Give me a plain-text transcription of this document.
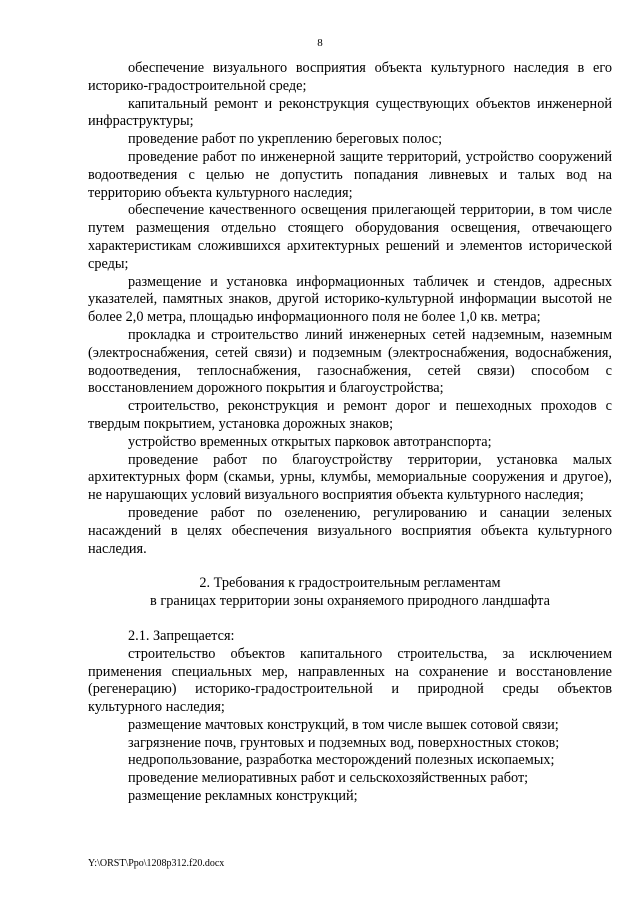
8

обеспечение визуального восприятия объекта культурного наследия в его историко-градостроительной среде;

капитальный ремонт и реконструкция существующих объектов инженерной инфраструктуры;

проведение работ по укреплению береговых полос;

проведение работ по инженерной защите территорий, устройство сооружений водоотведения с целью не допустить попадания ливневых и талых вод на территорию объекта культурного наследия;

обеспечение качественного освещения прилегающей территории, в том числе путем размещения отдельно стоящего оборудования освещения, отвечающего характеристикам сложившихся архитектурных решений и элементов исторической среды;

размещение и установка информационных табличек и стендов, адресных указателей, памятных знаков, другой историко-культурной информации высотой не более 2,0 метра, площадью информационного поля не более 1,0 кв. метра;

прокладка и строительство линий инженерных сетей надземным, наземным (электроснабжения, сетей связи) и подземным (электроснабжения, водоснабжения, водоотведения, теплоснабжения, газоснабжения, сетей связи) способом с восстановлением дорожного покрытия и благоустройства;

строительство, реконструкция и ремонт дорог и пешеходных проходов с твердым покрытием, установка дорожных знаков;

устройство временных открытых парковок автотранспорта;

проведение работ по благоустройству территории, установка малых архитектурных форм (скамьи, урны, клумбы, мемориальные сооружения и другое), не нарушающих условий визуального восприятия объекта культурного наследия;

проведение работ по озеленению, регулированию и санации зеленых насаждений в целях обеспечения визуального восприятия объекта культурного наследия.

2. Требования к градостроительным регламентам

в границах территории зоны охраняемого природного ландшафта

2.1. Запрещается:

строительство объектов капитального строительства, за исключением применения специальных мер, направленных на сохранение и восстановление (регенерацию) историко-градостроительной и природной среды объектов культурного наследия;

размещение мачтовых конструкций, в том числе вышек сотовой связи;

загрязнение почв, грунтовых и подземных вод, поверхностных стоков;

недропользование, разработка месторождений полезных ископаемых;

проведение мелиоративных работ и сельскохозяйственных работ;

размещение рекламных конструкций;

Y:\ORST\Ppo\1208p312.f20.docx
